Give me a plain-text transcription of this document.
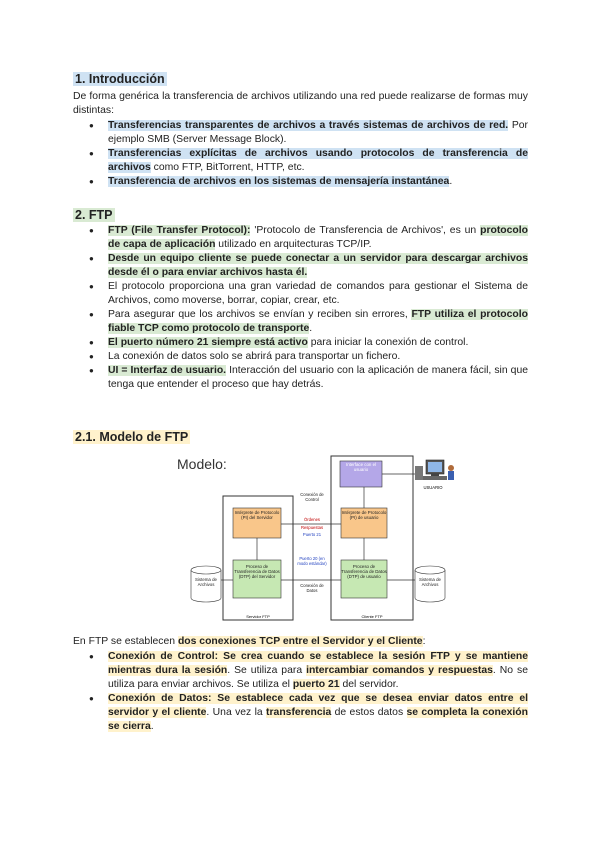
1. Introducción

De forma genérica la transferencia de archivos utilizando una red puede realizarse de formas muy distintas:

● Transferencias transparentes de archivos a través sistemas de archivos de red. Por ejemplo SMB (Server Message Block).
● Transferencias explícitas de archivos usando protocolos de transferencia de archivos como FTP, BitTorrent, HTTP, etc.
● Transferencia de archivos en los sistemas de mensajería instantánea.
2. FTP
● FTP (File Transfer Protocol): 'Protocolo de Transferencia de Archivos', es un protocolo de capa de aplicación utilizado en arquitecturas TCP/IP.
● Desde un equipo cliente se puede conectar a un servidor para descargar archivos desde él o para enviar archivos hasta él.
● El protocolo proporciona una gran variedad de comandos para gestionar el Sistema de Archivos, como moverse, borrar, copiar, crear, etc.
● Para asegurar que los archivos se envían y reciben sin errores, FTP utiliza el protocolo fiable TCP como protocolo de transporte.
● El puerto número 21 siempre está activo para iniciar la conexión de control.
● La conexión de datos solo se abrirá para transportar un fichero.
● UI = Interfaz de usuario. Interacción del usuario con la aplicación de manera fácil, sin que tenga que entender el proceso que hay detrás.
2.1. Modelo de FTP
Modelo:
Servidor FTP	Cliente FTP
Interface con el usuario
USUARIO
Intérprete de Protocolo (PI) del Servidor
Intérprete de Protocolo (PI) de usuario
Proceso de Transferencia de Datos (DTP) del Servidor
Proceso de Transferencia de Datos (DTP) de usuario
Sistema de Archivos
Sistema de Archivos
Conexión de Control
Órdenes
Respuestas
Puerto 21
Puerto 20 (en modo estándar)
Conexión de Datos

En FTP se establecen dos conexiones TCP entre el Servidor y el Cliente:

● Conexión de Control: Se crea cuando se establece la sesión FTP y se mantiene mientras dura la sesión. Se utiliza para intercambiar comandos y respuestas. No se utiliza para enviar archivos. Se utiliza el puerto 21 del servidor.
● Conexión de Datos: Se establece cada vez que se desea enviar datos entre el servidor y el cliente. Una vez la transferencia de estos datos se completa la conexión se cierra.
